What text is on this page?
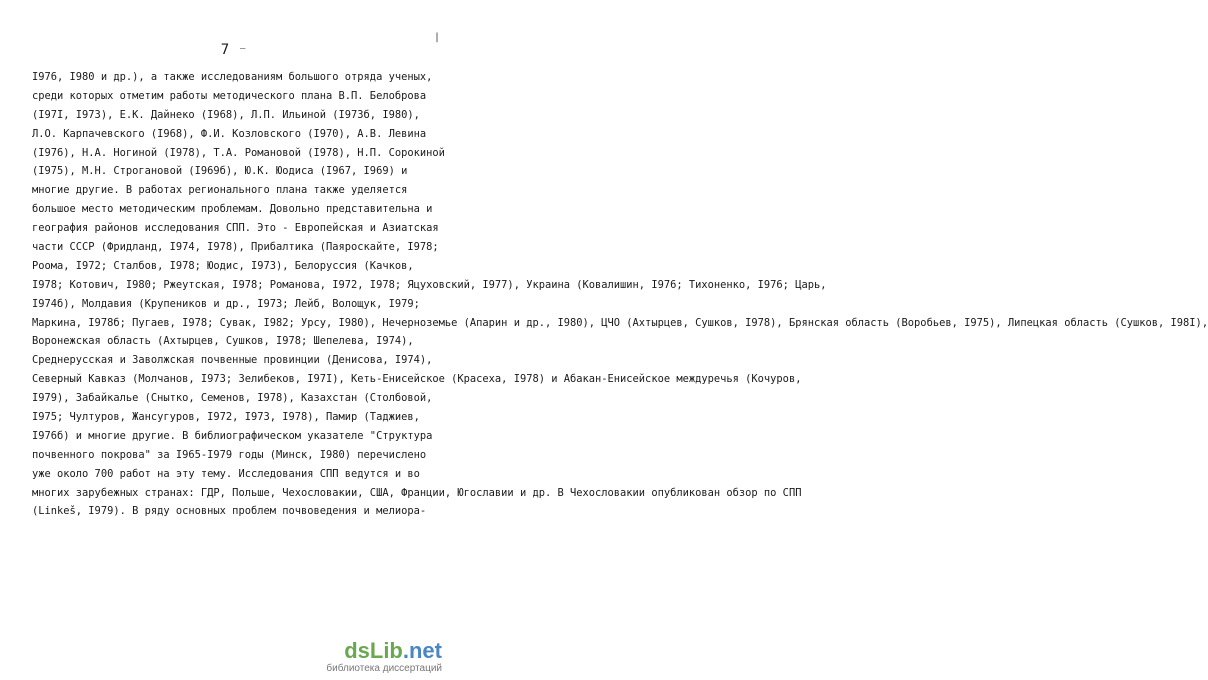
7
|
–
I976, I980 и др.), а также исследованиям большого отряда ученых,
среди которых отметим работы методического плана В.П. Белоброва
(I97I, I973), Е.К. Дайнеко (I968), Л.П. Ильиной (I973б, I980),
Л.О. Карпачевского (I968), Ф.И. Козловского (I970), А.В. Левина
(I976), Н.А. Ногиной (I978), Т.А. Романовой (I978), Н.П. Сорокиной
(I975), М.Н. Строгановой (I969б), Ю.К. Юодиса (I967, I969) и
многие другие. В работах регионального плана также уделяется
большое место методическим проблемам. Довольно представительна и
география районов исследования СПП. Это - Европейская и Азиатская
части СССР (Фридланд, I974, I978), Прибалтика (Паяроскайте, I978;
Роома, I972; Сталбов, I978; Юодис, I973), Белоруссия (Качков,
I978; Котович, I980; Ржеутская, I978; Романова, I972, I978; Яцуховский, I977), Украина (Ковалишин, I976; Тихоненко, I976; Царь,
I974б), Молдавия (Крупеников и др., I973; Лейб, Волощук, I979;
Маркина, I978б; Пугаев, I978; Сувак, I982; Урсу, I980), Нечерноземье (Апарин и др., I980), ЦЧО (Ахтырцев, Сушков, I978), Брянская область (Воробьев, I975), Липецкая область (Сушков, I98I),
Воронежская область (Ахтырцев, Сушков, I978; Шепелева, I974),
Среднерусская и Заволжская почвенные провинции (Денисова, I974),
Северный Кавказ (Молчанов, I973; Зелибеков, I97I), Кеть-Енисейское (Красеха, I978) и Абакан-Енисейское междуречья (Кочуров,
I979), Забайкалье (Снытко, Семенов, I978), Казахстан (Столбовой,
I975; Чултуров, Жансугуров, I972, I973, I978), Памир (Таджиев,
I976б) и многие другие. В библиографическом указателе "Структура
почвенного покрова" за I965-I979 годы (Минск, I980) перечислено
уже около 700 работ на эту тему. Исследования СПП ведутся и во
многих зарубежных странах: ГДР, Польше, Чехословакии, США, Франции, Югославии и др. В Чехословакии опубликован обзор по СПП
(Linkeš, I979). В ряду основных проблем почвоведения и мелиора-
dsLib.net
библиотека диссертаций
